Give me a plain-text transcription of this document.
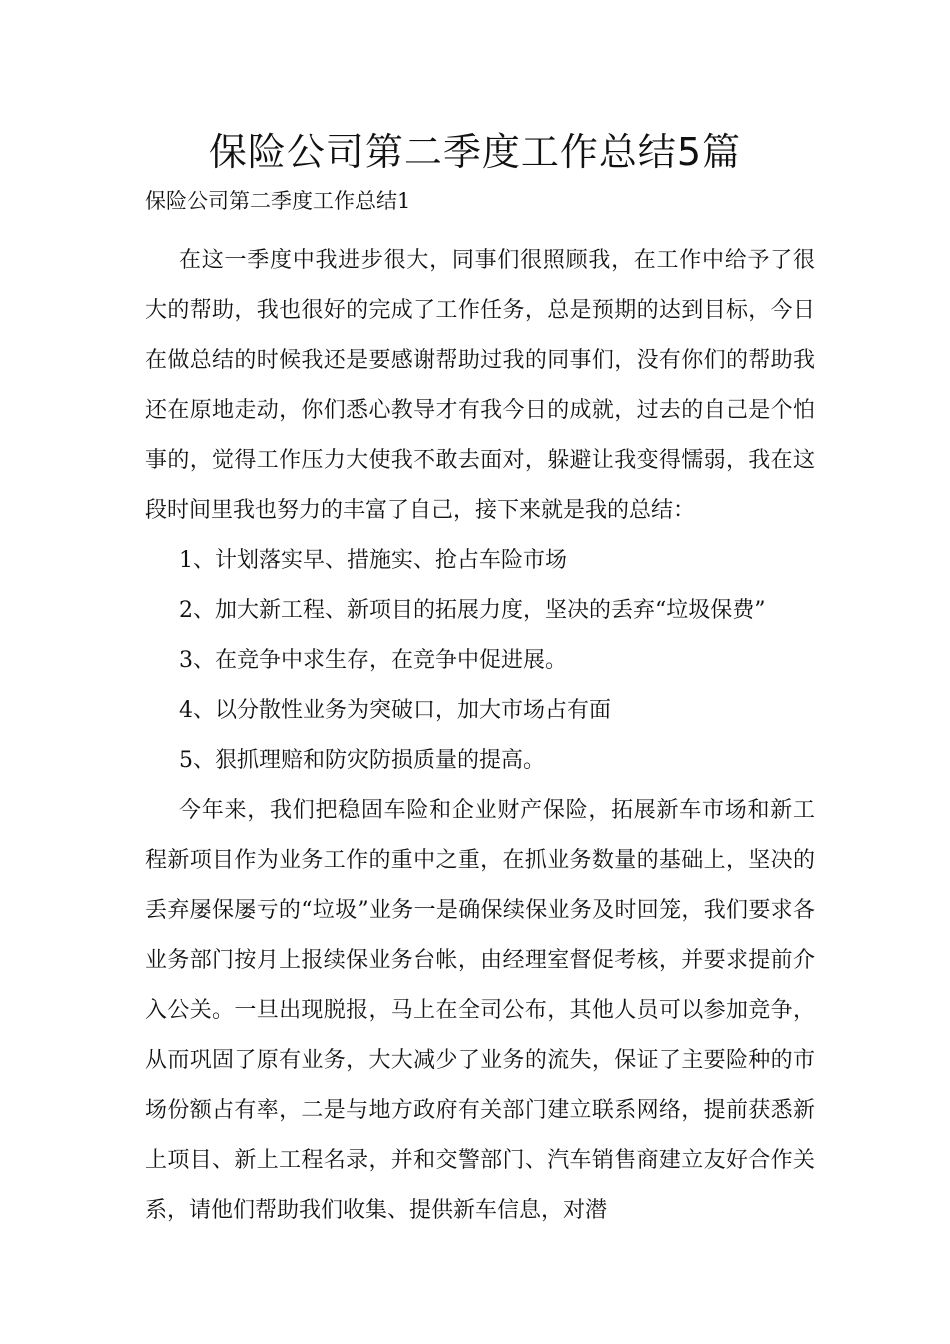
保险公司第二季度工作总结5篇
保险公司第二季度工作总结1

在这一季度中我进步很大，同事们很照顾我，在工作中给予了很大的帮助，我也很好的完成了工作任务，总是预期的达到目标，今日在做总结的时候我还是要感谢帮助过我的同事们，没有你们的帮助我还在原地走动，你们悉心教导才有我今日的成就，过去的自己是个怕事的，觉得工作压力大使我不敢去面对，躲避让我变得懦弱，我在这段时间里我也努力的丰富了自己，接下来就是我的总结：

1、计划落实早、措施实、抢占车险市场

2、加大新工程、新项目的拓展力度，坚决的丢弃“垃圾保费”

3、在竞争中求生存，在竞争中促进展。

4、以分散性业务为突破口，加大市场占有面

5、狠抓理赔和防灾防损质量的提高。

今年来，我们把稳固车险和企业财产保险，拓展新车市场和新工程新项目作为业务工作的重中之重，在抓业务数量的基础上，坚决的丢弃屡保屡亏的“垃圾”业务一是确保续保业务及时回笼，我们要求各业务部门按月上报续保业务台帐，由经理室督促考核，并要求提前介入公关。一旦出现脱报，马上在全司公布，其他人员可以参加竞争，从而巩固了原有业务，大大减少了业务的流失，保证了主要险种的市场份额占有率，二是与地方政府有关部门建立联系网络，提前获悉新上项目、新上工程名录，并和交警部门、汽车销售商建立友好合作关系，请他们帮助我们收集、提供新车信息，对潜
